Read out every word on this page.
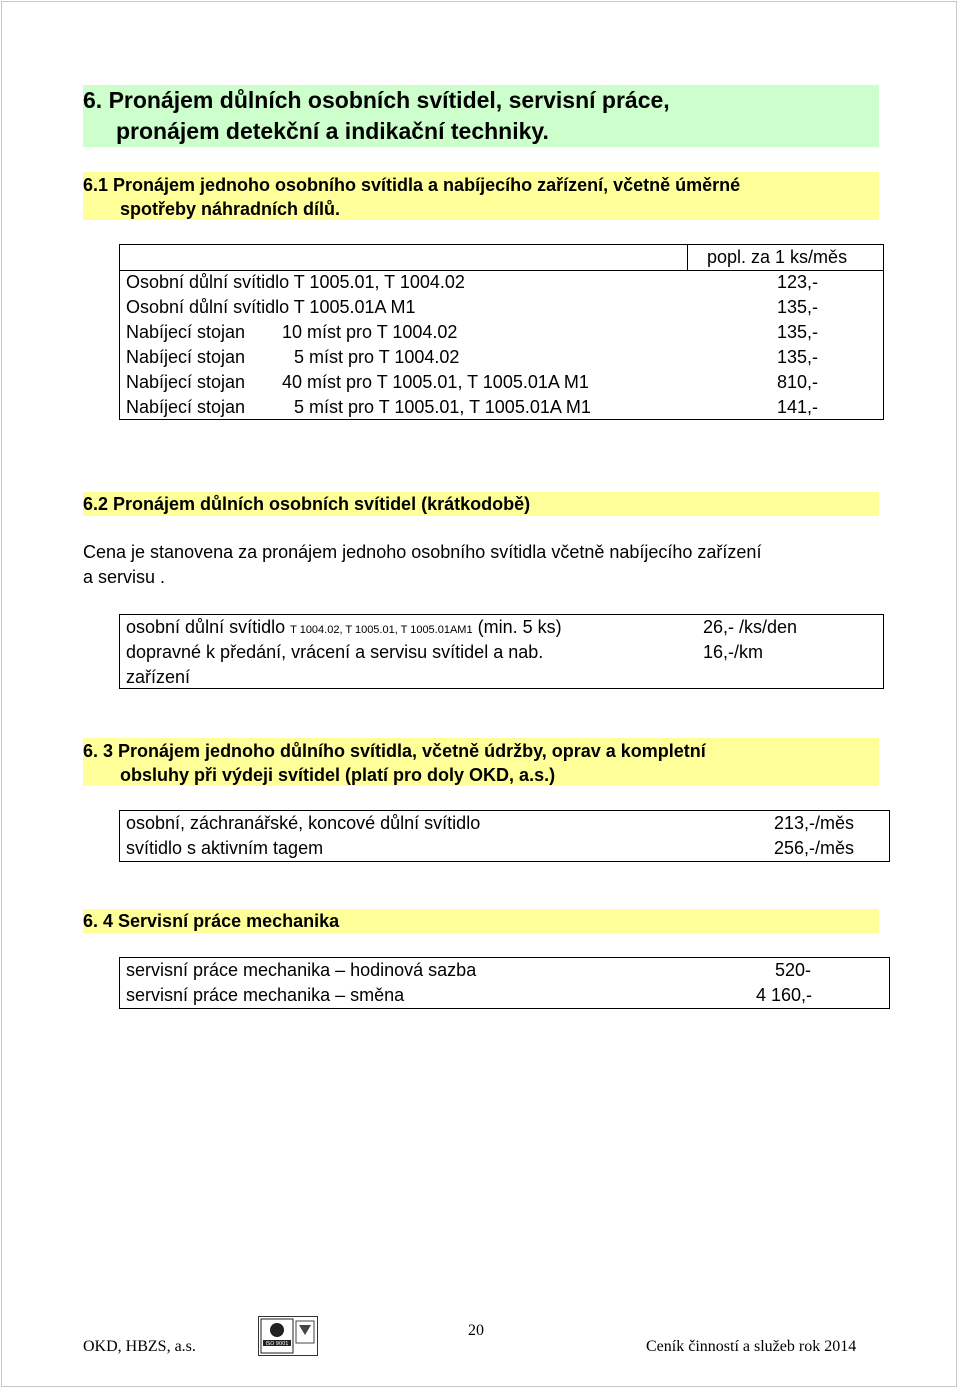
6. Pronájem důlních osobních svítidel, servisní práce,
pronájem detekční a indikační techniky.
6.1 Pronájem jednoho osobního svítidla a nabíjecího zařízení, včetně úměrné
spotřeby náhradních dílů.
popl. za 1 ks/měs
Osobní důlní svítidlo T 1005.01, T 1004.02	123,-
Osobní důlní svítidlo T 1005.01A M1	135,-
Nabíjecí stojan 10 míst pro T 1004.02	135,-
Nabíjecí stojan	5 míst pro T 1004.02	135,-
Nabíjecí stojan 40 míst pro T 1005.01, T 1005.01A M1	810,-
Nabíjecí stojan	5 míst pro T 1005.01, T 1005.01A M1	141,-
6.2 Pronájem důlních osobních svítidel (krátkodobě)
Cena je stanovena za pronájem jednoho osobního svítidla včetně nabíjecího zařízení
a servisu .
osobní důlní svítidlo T 1004.02, T 1005.01, T 1005.01AM1 (min. 5 ks)	26,- /ks/den
dopravné k předání, vrácení a servisu svítidel a nab.	16,-/km
zařízení
6. 3 Pronájem jednoho důlního svítidla, včetně údržby, oprav a kompletní
obsluhy při výdeji svítidel (platí pro doly OKD, a.s.)
osobní, záchranářské, koncové důlní svítidlo	213,-/měs
svítidlo s aktivním tagem	256,-/měs
6. 4 Servisní práce mechanika
servisní práce mechanika – hodinová sazba	520-
servisní práce mechanika – směna	4 160,-
OKD, HBZS, a.s.	ISO 9001
20
Ceník činností a služeb rok 2014
